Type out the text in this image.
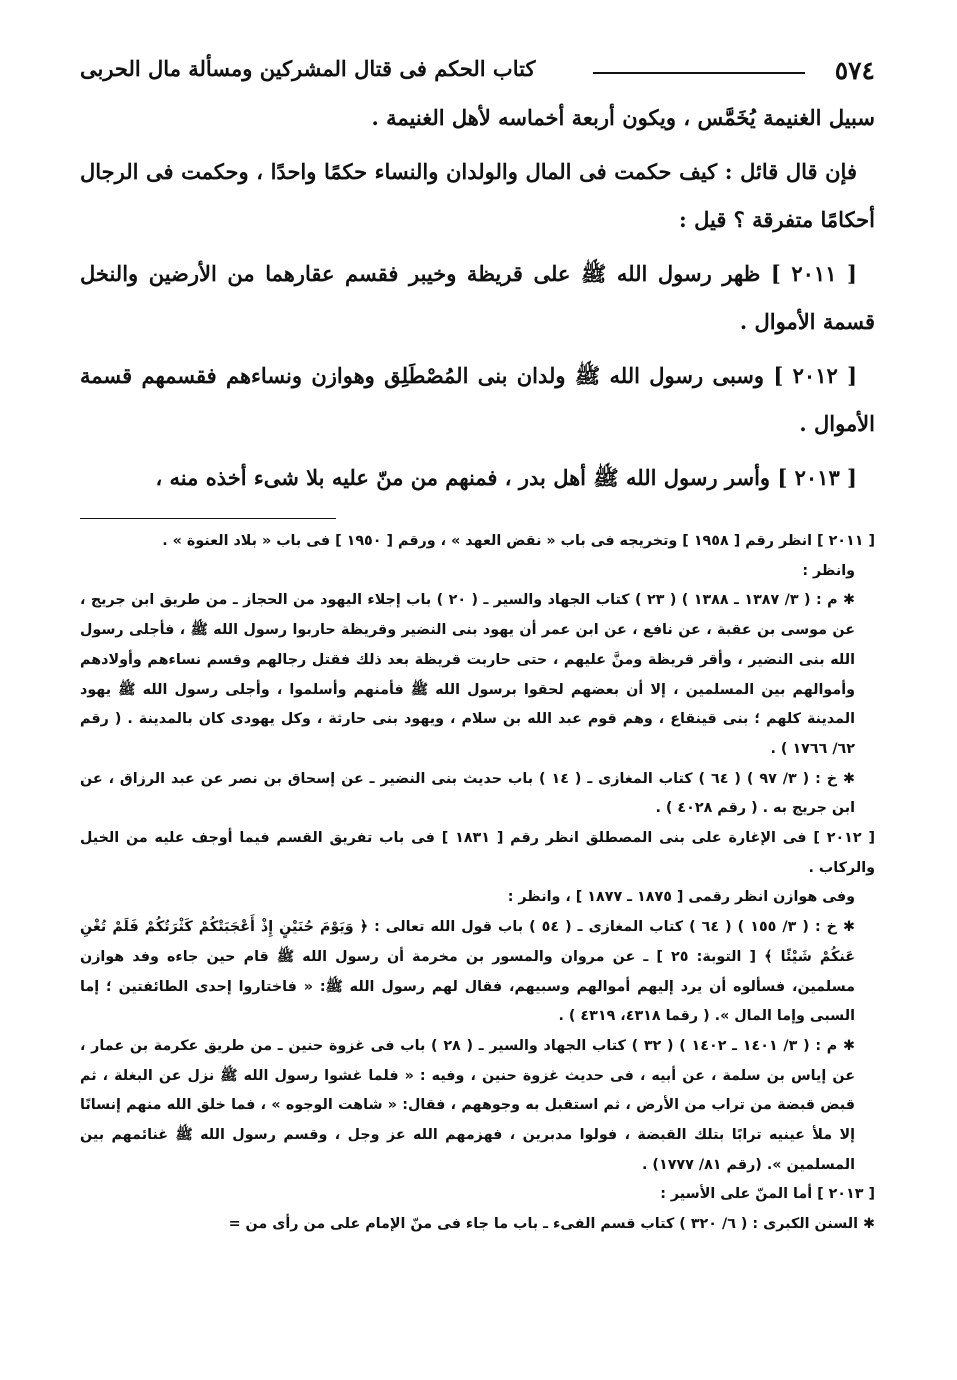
٥٧٤
كتاب الحكم فى قتال المشركين ومسألة مال الحربى

سبيل الغنيمة يُخَمَّس ، ويكون أربعة أخماسه لأهل الغنيمة .

فإن قال قائل : كيف حكمت فى المال والولدان والنساء حكمًا واحدًا ، وحكمت فى الرجال أحكامًا متفرقة ؟ قيل :

[ ٢٠١١ ] ظهر رسول الله ﷺ على قريظة وخيبر فقسم عقارهما من الأرضين والنخل قسمة الأموال .

[ ٢٠١٢ ] وسبى رسول الله ﷺ ولدان بنى المُصْطَلِق وهوازن ونساءهم فقسمهم قسمة الأموال .

[ ٢٠١٣ ] وأسر رسول الله ﷺ أهل بدر ، فمنهم من منّ عليه بلا شىء أخذه منه ،

[ ٢٠١١ ] انظر رقم [ ١٩٥٨ ] وتخريجه فى باب « نقض العهد » ، ورقم [ ١٩٥٠ ] فى باب « بلاد العنوة » .

وانظر :

✱ م : ( ٣/ ١٣٨٧ ـ ١٣٨٨ ) ( ٢٣ ) كتاب الجهاد والسير ـ ( ٢٠ ) باب إجلاء اليهود من الحجاز ـ من طريق ابن جريج ، عن موسى بن عقبة ، عن نافع ، عن ابن عمر أن يهود بنى النضير وقريظة حاربوا رسول الله ﷺ ، فأجلى رسول الله بنى النضير ، وأقر قريظة ومنَّ عليهم ، حتى حاربت قريظة بعد ذلك فقتل رجالهم وقسم نساءهم وأولادهم وأموالهم بين المسلمين ، إلا أن بعضهم لحقوا برسول الله ﷺ فأمنهم وأسلموا ، وأجلى رسول الله ﷺ يهود المدينة كلهم ؛ بنى قينقاع ، وهم قوم عبد الله بن سلام ، ويهود بنى حارثة ، وكل يهودى كان بالمدينة . ( رقم ٦٢/ ١٧٦٦ ) .

✱ خ : ( ٣/ ٩٧ ) ( ٦٤ ) كتاب المغازى ـ ( ١٤ ) باب حديث بنى النضير ـ عن إسحاق بن نصر عن عبد الرزاق ، عن ابن جريج به . ( رقم ٤٠٢٨ ) .

[ ٢٠١٢ ] فى الإغارة على بنى المصطلق انظر رقم [ ١٨٣١ ] فى باب تفريق القسم فيما أوجف عليه من الخيل والركاب .

وفى هوازن انظر رقمى [ ١٨٧٥ ـ ١٨٧٧ ] ، وانظر :

✱ خ : ( ٣/ ١٥٥ ) ( ٦٤ ) كتاب المغازى ـ ( ٥٤ ) باب قول الله تعالى : ﴿ وَيَوْمَ حُنَيْنٍ إِذْ أَعْجَبَتْكُمْ كَثْرَتُكُمْ فَلَمْ تُغْنِ عَنكُمْ شَيْئًا ﴾ [ التوبة: ٢٥ ] ـ عن مروان والمسور بن مخرمة أن رسول الله ﷺ قام حين جاءه وفد هوازن مسلمين، فسألوه أن يرد إليهم أموالهم وسبيهم، فقال لهم رسول الله ﷺ: « فاختاروا إحدى الطائفتين ؛ إما السبى وإما المال ». ( رقما ٤٣١٨، ٤٣١٩ ) .

✱ م : ( ٣/ ١٤٠١ ـ ١٤٠٢ ) ( ٣٢ ) كتاب الجهاد والسير ـ ( ٢٨ ) باب فى غزوة حنين ـ من طريق عكرمة بن عمار ، عن إياس بن سلمة ، عن أبيه ، فى حديث غزوة حنين ، وفيه : « فلما غشوا رسول الله ﷺ نزل عن البغلة ، ثم قبض قبضة من تراب من الأرض ، ثم استقبل به وجوههم ، فقال: « شاهت الوجوه » ، فما خلق الله منهم إنسانًا إلا ملأ عينيه ترابًا بتلك القبضة ، فولوا مدبرين ، فهزمهم الله عز وجل ، وقسم رسول الله ﷺ غنائمهم بين المسلمين ». (رقم ٨١/ ١٧٧٧) .

[ ٢٠١٣ ] أما المنّ على الأسير :

✱ السنن الكبرى : ( ٦/ ٣٢٠ ) كتاب قسم الفىء ـ باب ما جاء فى منّ الإمام على من رأى من =
